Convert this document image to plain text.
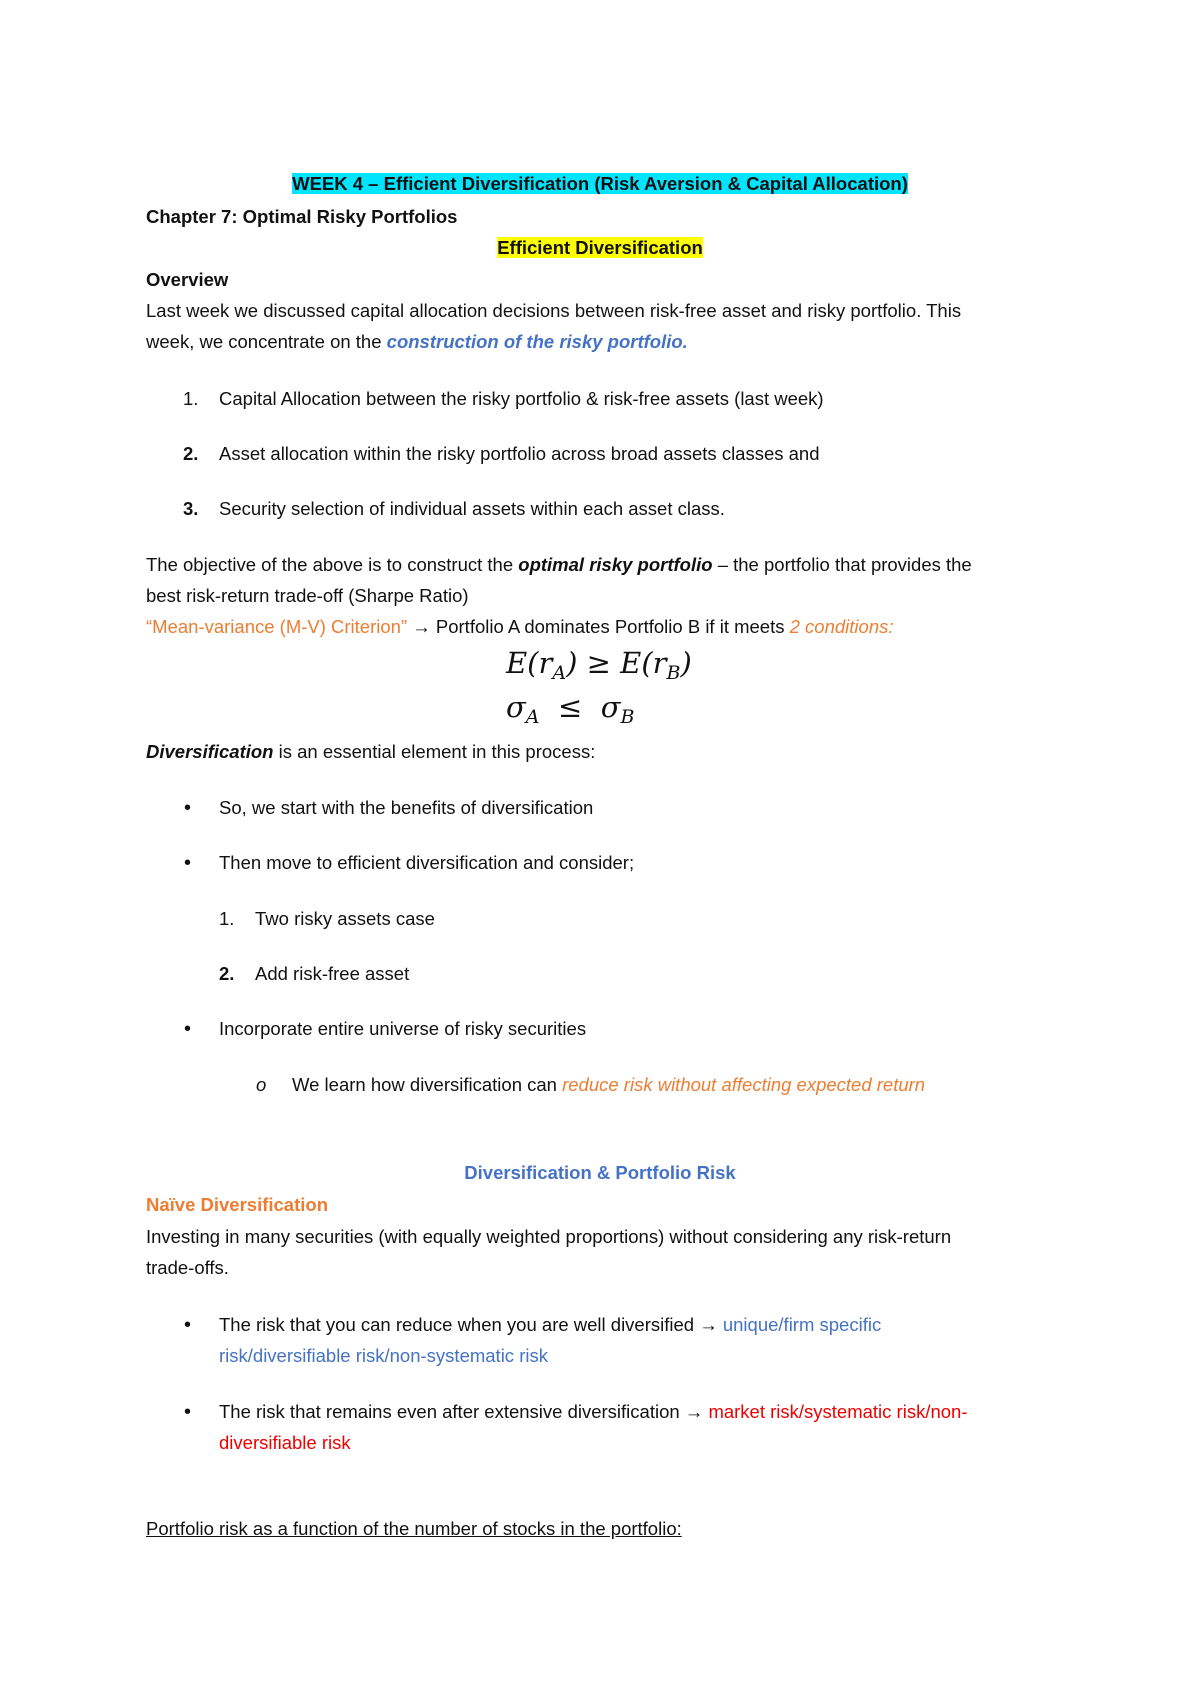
WEEK 4 – Efficient Diversification (Risk Aversion & Capital Allocation)
Chapter 7: Optimal Risky Portfolios
Efficient Diversification
Overview
Last week we discussed capital allocation decisions between risk-free asset and risky portfolio. This
week, we concentrate on the construction of the risky portfolio.
1. Capital Allocation between the risky portfolio & risk-free assets (last week)
2. Asset allocation within the risky portfolio across broad assets classes and
3. Security selection of individual assets within each asset class.
The objective of the above is to construct the optimal risky portfolio – the portfolio that provides the
best risk-return trade-off (Sharpe Ratio)
“Mean-variance (M-V) Criterion” → Portfolio A dominates Portfolio B if it meets 2 conditions:
$E(r_A) \ge E(r_B)$
$\sigma_A \le \sigma_B$
Diversification is an essential element in this process:
• So, we start with the benefits of diversification
• Then move to efficient diversification and consider;
1. Two risky assets case
2. Add risk-free asset
• Incorporate entire universe of risky securities
o We learn how diversification can reduce risk without affecting expected return
Diversification & Portfolio Risk
Naïve Diversification
Investing in many securities (with equally weighted proportions) without considering any risk-return
trade-offs.
• The risk that you can reduce when you are well diversified → unique/firm specific
risk/diversifiable risk/non-systematic risk
• The risk that remains even after extensive diversification → market risk/systematic risk/non-
diversifiable risk
Portfolio risk as a function of the number of stocks in the portfolio:
